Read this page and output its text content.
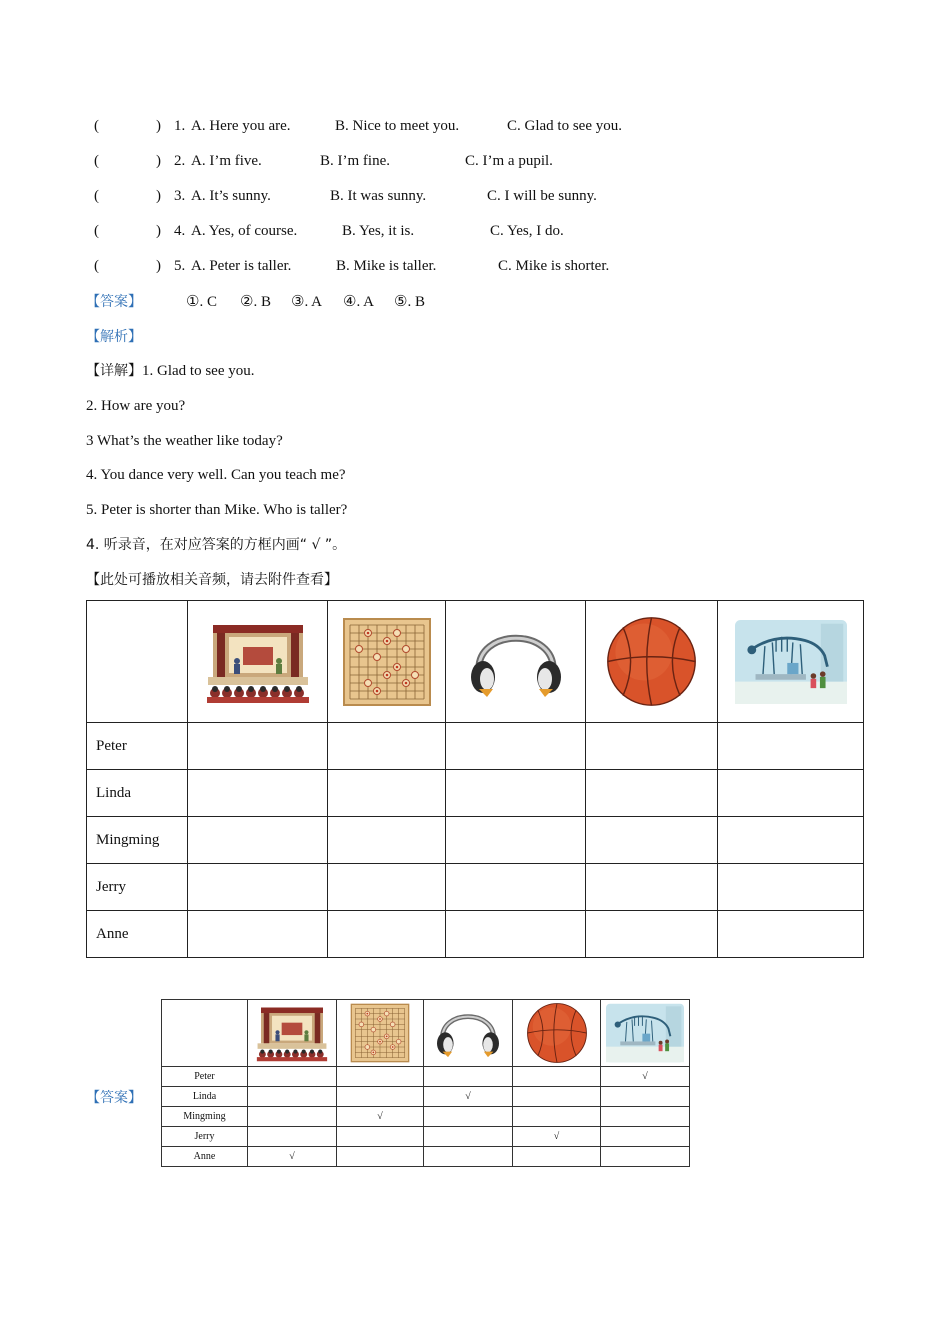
(	) 1. A. Here you are.	B. Nice to meet you.	C. Glad to see you.
(	) 2. A. I’m five.	B. I’m fine.	C. I’m a pupil.
(	) 3. A. It’s sunny.	B. It was sunny.	C. I will be sunny.
(	) 4. A. Yes, of course.	B. Yes, it is.	C. Yes, I do.
(	) 5. A. Peter is taller.	B. Mike is taller.	C. Mike is shorter.
【答案】	①. C ②. B ③. A ④. A ⑤. B
【解析】
【详解】1. Glad to see you.
2. How are you?
3 What’s the weather like today?
4. You dance very well. Can you teach me?
5. Peter is shorter than Mike. Who is taller?
4. 听录音，在对应答案的方框内画“ √ ”。
【此处可播放相关音频，请去附件查看】

Peter					
Linda					
Mingming					
Jerry					
Anne					
【答案】

Peter					√
Linda			√		
Mingming		√			
Jerry				√	
Anne	√				
